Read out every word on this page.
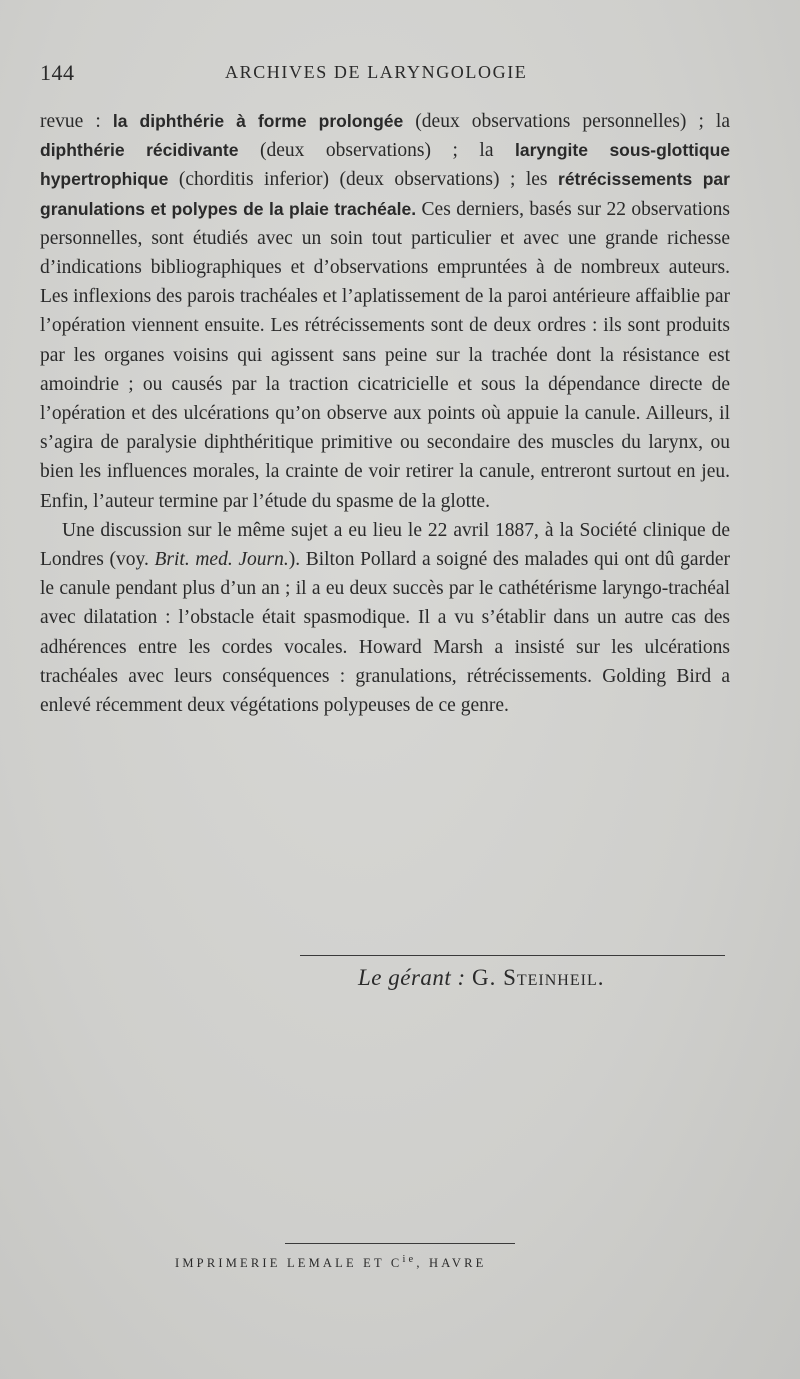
144	ARCHIVES DE LARYNGOLOGIE

revue : la diphthérie à forme prolongée (deux observations personnelles) ; la diphthérie récidivante (deux observations) ; la laryngite sous-glottique hypertrophique (chorditis inferior) (deux observations) ; les rétrécissements par granulations et polypes de la plaie trachéale. Ces derniers, basés sur 22 observations personnelles, sont étudiés avec un soin tout particulier et avec une grande richesse d’indications bibliographiques et d’observations empruntées à de nombreux auteurs. Les inflexions des parois trachéales et l’aplatissement de la paroi antérieure affaiblie par l’opération viennent ensuite. Les rétrécissements sont de deux ordres : ils sont produits par les organes voisins qui agissent sans peine sur la trachée dont la résistance est amoindrie ; ou causés par la traction cicatricielle et sous la dépendance directe de l’opération et des ulcérations qu’on observe aux points où appuie la canule. Ailleurs, il s’agira de paralysie diphthéritique primitive ou secondaire des muscles du larynx, ou bien les influences morales, la crainte de voir retirer la canule, entreront surtout en jeu. Enfin, l’auteur termine par l’étude du spasme de la glotte.

Une discussion sur le même sujet a eu lieu le 22 avril 1887, à la Société clinique de Londres (voy. Brit. med. Journ.). Bilton Pollard a soigné des malades qui ont dû garder le canule pendant plus d’un an ; il a eu deux succès par le cathétérisme laryngo-trachéal avec dilatation : l’obstacle était spasmodique. Il a vu s’établir dans un autre cas des adhérences entre les cordes vocales. Howard Marsh a insisté sur les ulcérations trachéales avec leurs conséquences : granulations, rétrécissements. Golding Bird a enlevé récemment deux végétations polypeuses de ce genre.

Le gérant : G. Steinheil.
IMPRIMERIE LEMALE ET $C^{ie}$, HAVRE
